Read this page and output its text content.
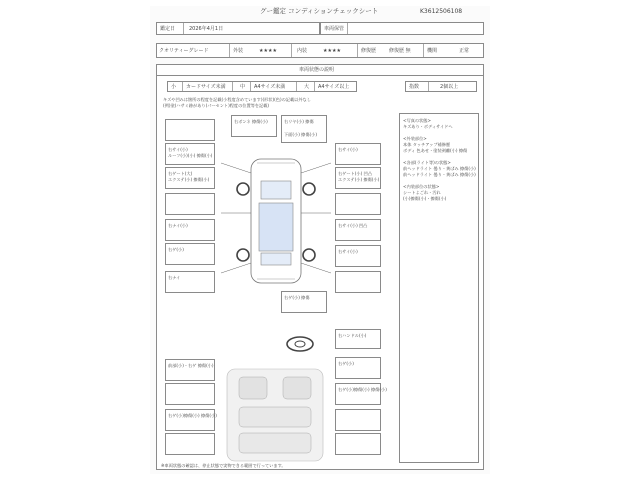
グー鑑定 コンディションチェックシート	K3612506108
鑑定日	2026年4月1日	車両保管
クオリティーグレード	外装	★★★★	内装	★★★★	修復歴	修復歴 無	機関	正常
車両状態の説明
小 カードサイズ未満	中 A4サイズ未満	大 A4サイズ以上	指数	2個以上
キズや凹みは箇所の程度を記載(小程度含めています)(形状)(色)の記載以外なし
(例)塗(ハサミ跡があり(パーセント)程度の位置等を記載)
<写真の状態>
キズあり・ボディサイドへ
<外装部位>
本体 タッチアップ補修歴
ボディ 色あせ・塗装剥離(小) 擦傷
<各部(ライト等)の状態>
前ヘッドライト 曇り・黄ばみ 擦傷(小)
前ヘッドライト 曇り・黄ばみ 擦傷(小)
<内装部位の状態>
シートよごれ・汚れ
(小)擦傷(小)・擦傷(小)
右サイ(小)
ルーフ(小)(小) 擦傷(小)
右ゲート(大)
エクステ(小) 擦傷(小)
右ナイ(小)
右ゲ(小)
右ナイ
右ボンネ 擦傷(小)	右リヤ(小) 擦傷
下面(小) 擦傷(小)
右サイ(小)
右ゲート(小) 凹凸
エクステ(小) 擦傷(小)
右サイ(小) 凹凸
右サイ(小)
右ゲ(小) 擦傷
右ハンドル(小)
前部(小)・右ゲ 擦傷(小)
右ゲ(小)擦傷(小) 擦傷(小)
右ゲ(小)
右ゲ(小)擦傷(小) 擦傷(小)
※車両状態の確認は、停止状態で実物できる範囲で行っています。
